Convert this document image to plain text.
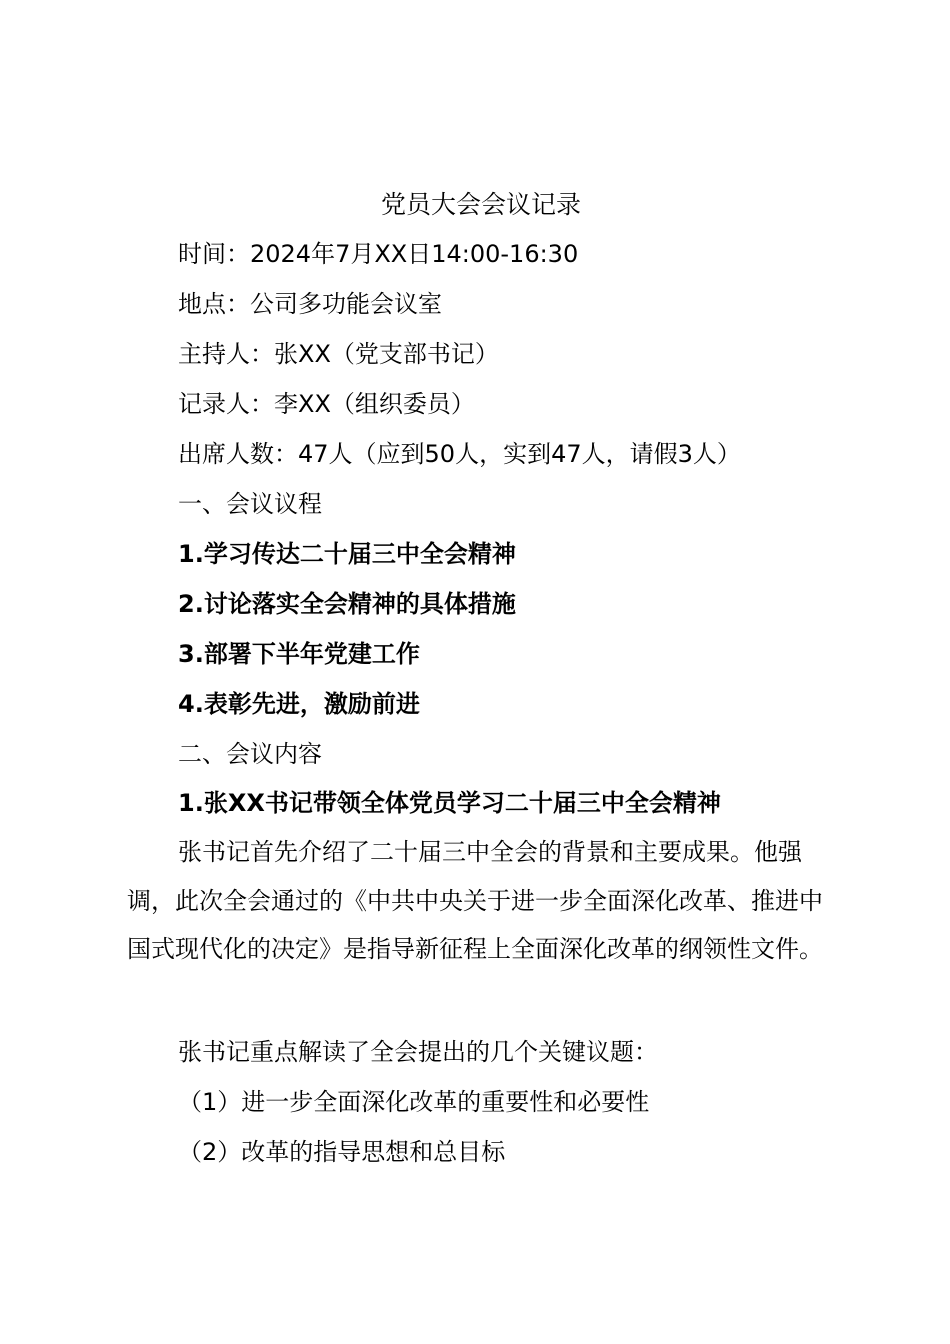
党员大会会议记录
时间：2024年7月XX日14:00-16:30
地点：公司多功能会议室
主持人：张XX（党支部书记）
记录人：李XX（组织委员）
出席人数：47人（应到50人，实到47人，请假3人）
一、会议议程
1.学习传达二十届三中全会精神
2.讨论落实全会精神的具体措施
3.部署下半年党建工作
4.表彰先进，激励前进
二、会议内容
1.张XX书记带领全体党员学习二十届三中全会精神
张书记首先介绍了二十届三中全会的背景和主要成果。他强调，此次全会通过的《中共中央关于进一步全面深化改革、推进中国式现代化的决定》是指导新征程上全面深化改革的纲领性文件。
张书记重点解读了全会提出的几个关键议题：
（1）进一步全面深化改革的重要性和必要性
（2）改革的指导思想和总目标
